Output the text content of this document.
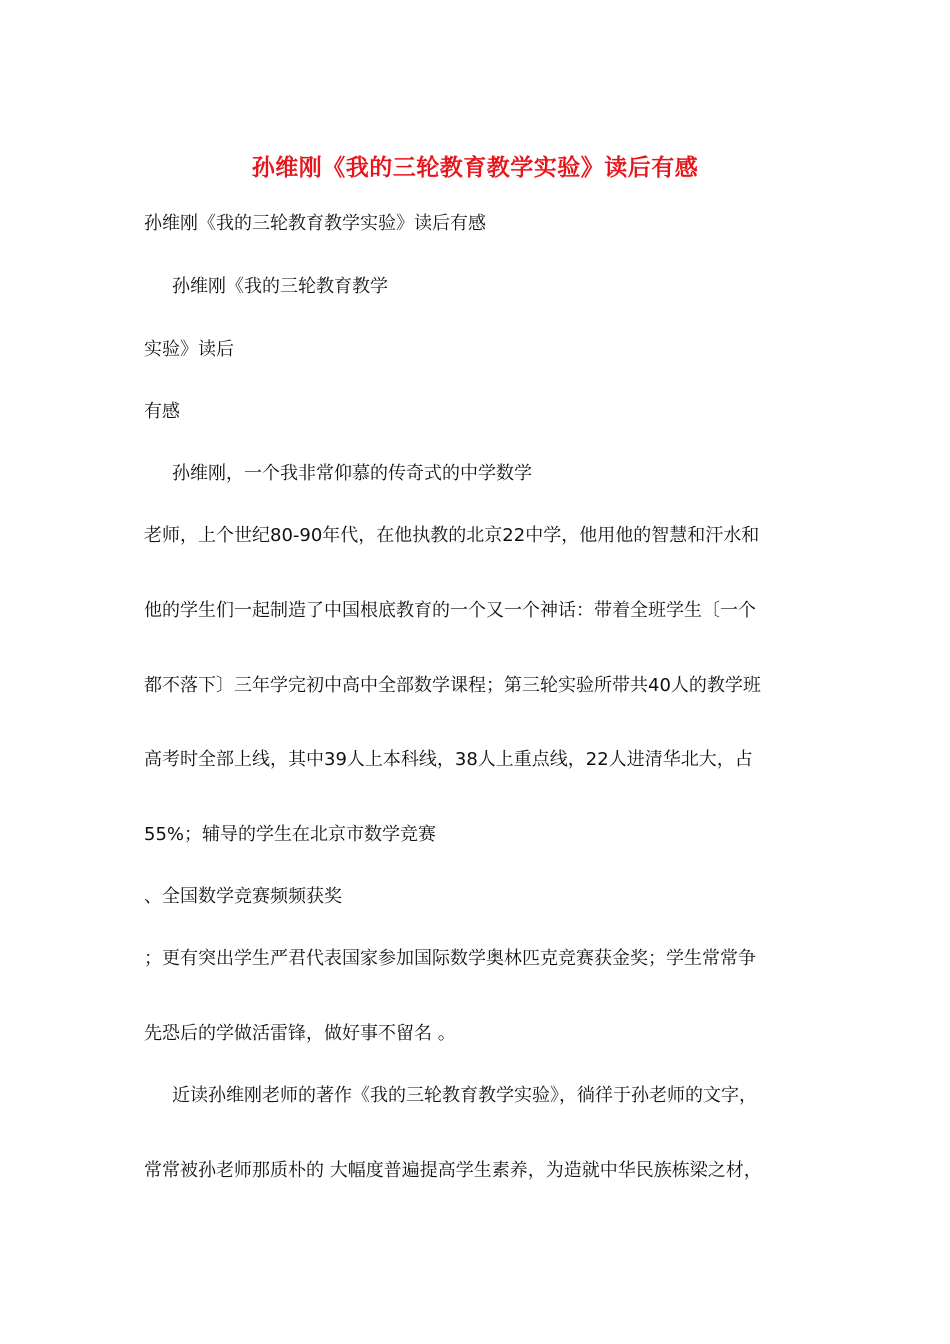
孙维刚《我的三轮教育教学实验》读后有感

孙维刚《我的三轮教育教学实验》读后有感

孙维刚《我的三轮教育教学

实验》读后

有感

孙维刚，一个我非常仰慕的传奇式的中学数学

老师，上个世纪80-90年代，在他执教的北京22中学，他用他的智慧和汗水和

他的学生们一起制造了中国根底教育的一个又一个神话：带着全班学生〔一个

都不落下〕三年学完初中高中全部数学课程；第三轮实验所带共40人的教学班

高考时全部上线，其中39人上本科线，38人上重点线，22人进清华北大，占

55%；辅导的学生在北京市数学竞赛

、全国数学竞赛频频获奖

；更有突出学生严君代表国家参加国际数学奥林匹克竞赛获金奖；学生常常争

先恐后的学做活雷锋，做好事不留名 。

近读孙维刚老师的著作《我的三轮教育教学实验》，徜徉于孙老师的文字，

常常被孙老师那质朴的 大幅度普遍提高学生素养，为造就中华民族栋梁之材，
